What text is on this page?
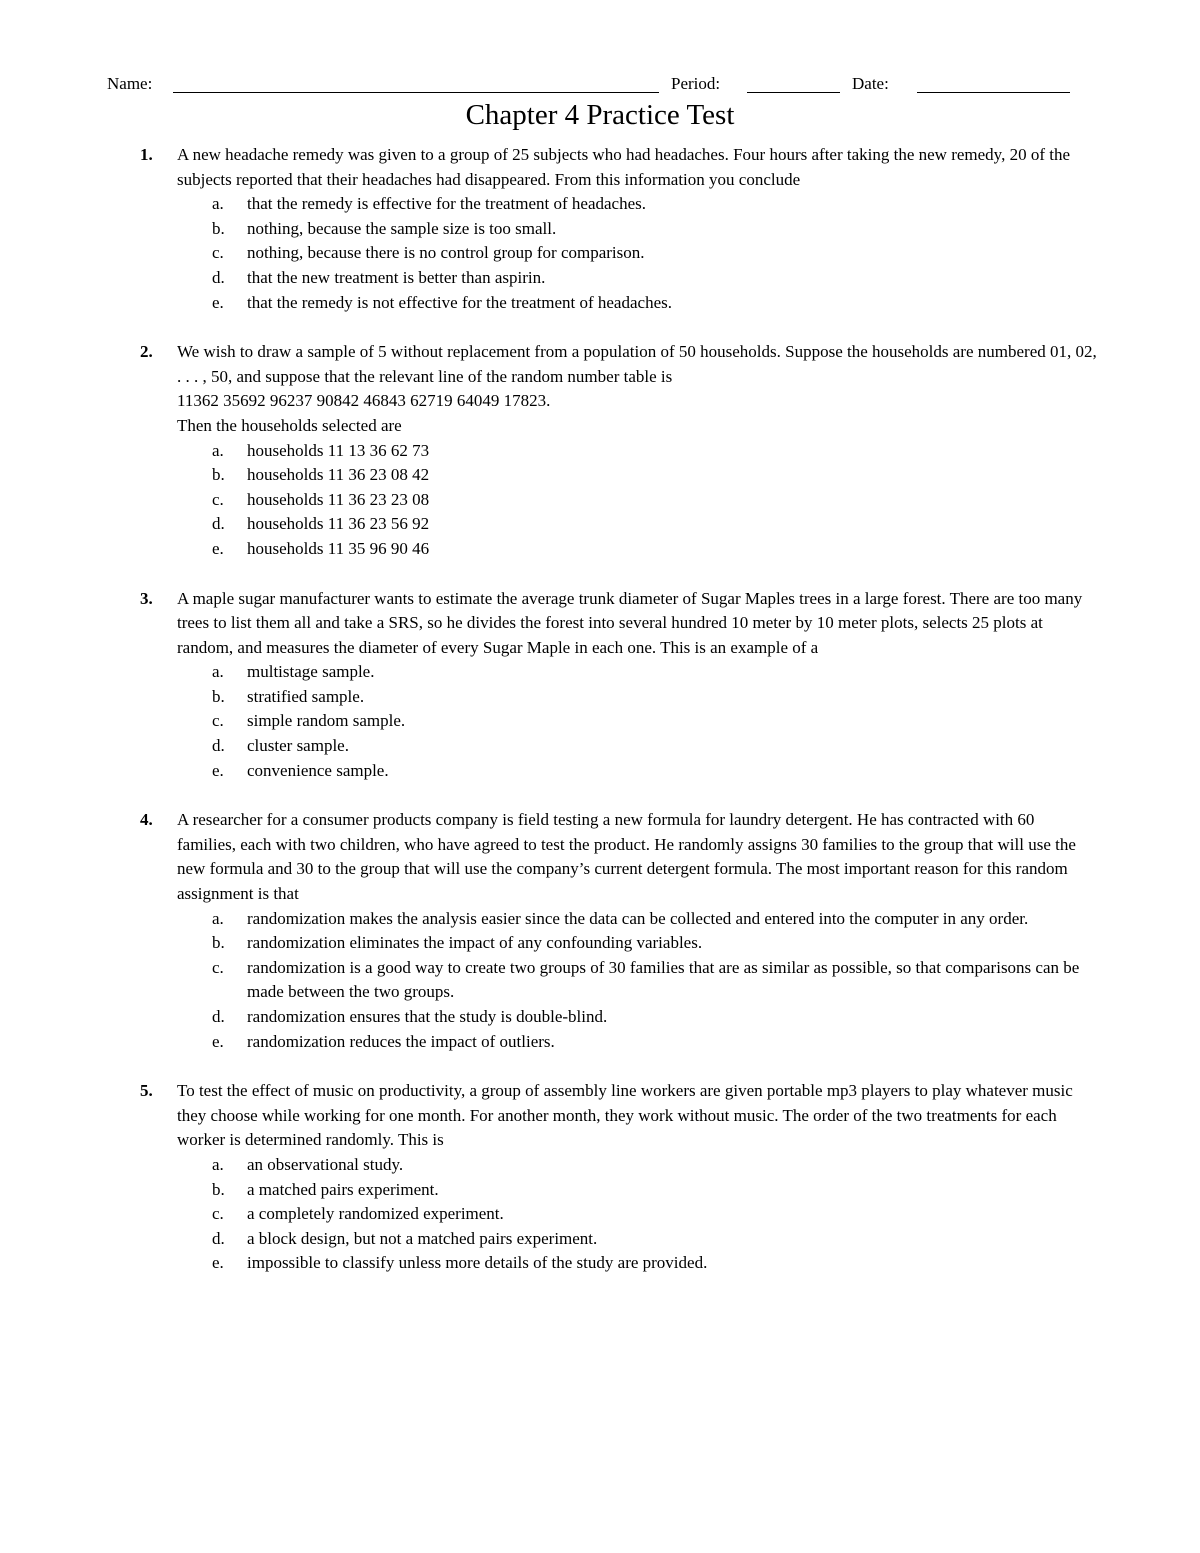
Name:	Period:	Date:
Chapter 4 Practice Test
1. A new headache remedy was given to a group of 25 subjects who had headaches. Four hours after taking the new remedy, 20 of the subjects reported that their headaches had disappeared. From this information you conclude
a. that the remedy is effective for the treatment of headaches.
b. nothing, because the sample size is too small.
c. nothing, because there is no control group for comparison.
d. that the new treatment is better than aspirin.
e. that the remedy is not effective for the treatment of headaches.
2. We wish to draw a sample of 5 without replacement from a population of 50 households. Suppose the households are numbered 01, 02, . . . , 50, and suppose that the relevant line of the random number table is
11362 35692 96237 90842 46843 62719 64049 17823.
Then the households selected are
a. households 11 13 36 62 73
b. households 11 36 23 08 42
c. households 11 36 23 23 08
d. households 11 36 23 56 92
e. households 11 35 96 90 46
3. A maple sugar manufacturer wants to estimate the average trunk diameter of Sugar Maples trees in a large forest. There are too many trees to list them all and take a SRS, so he divides the forest into several hundred 10 meter by 10 meter plots, selects 25 plots at random, and measures the diameter of every Sugar Maple in each one. This is an example of a
a. multistage sample.
b. stratified sample.
c. simple random sample.
d. cluster sample.
e. convenience sample.
4. A researcher for a consumer products company is field testing a new formula for laundry detergent. He has contracted with 60 families, each with two children, who have agreed to test the product. He randomly assigns 30 families to the group that will use the new formula and 30 to the group that will use the company’s current detergent formula. The most important reason for this random assignment is that
a. randomization makes the analysis easier since the data can be collected and entered into the computer in any order.
b. randomization eliminates the impact of any confounding variables.
c. randomization is a good way to create two groups of 30 families that are as similar as possible, so that comparisons can be made between the two groups.
d. randomization ensures that the study is double-blind.
e. randomization reduces the impact of outliers.
5. To test the effect of music on productivity, a group of assembly line workers are given portable mp3 players to play whatever music they choose while working for one month. For another month, they work without music. The order of the two treatments for each worker is determined randomly. This is
a. an observational study.
b. a matched pairs experiment.
c. a completely randomized experiment.
d. a block design, but not a matched pairs experiment.
e. impossible to classify unless more details of the study are provided.
